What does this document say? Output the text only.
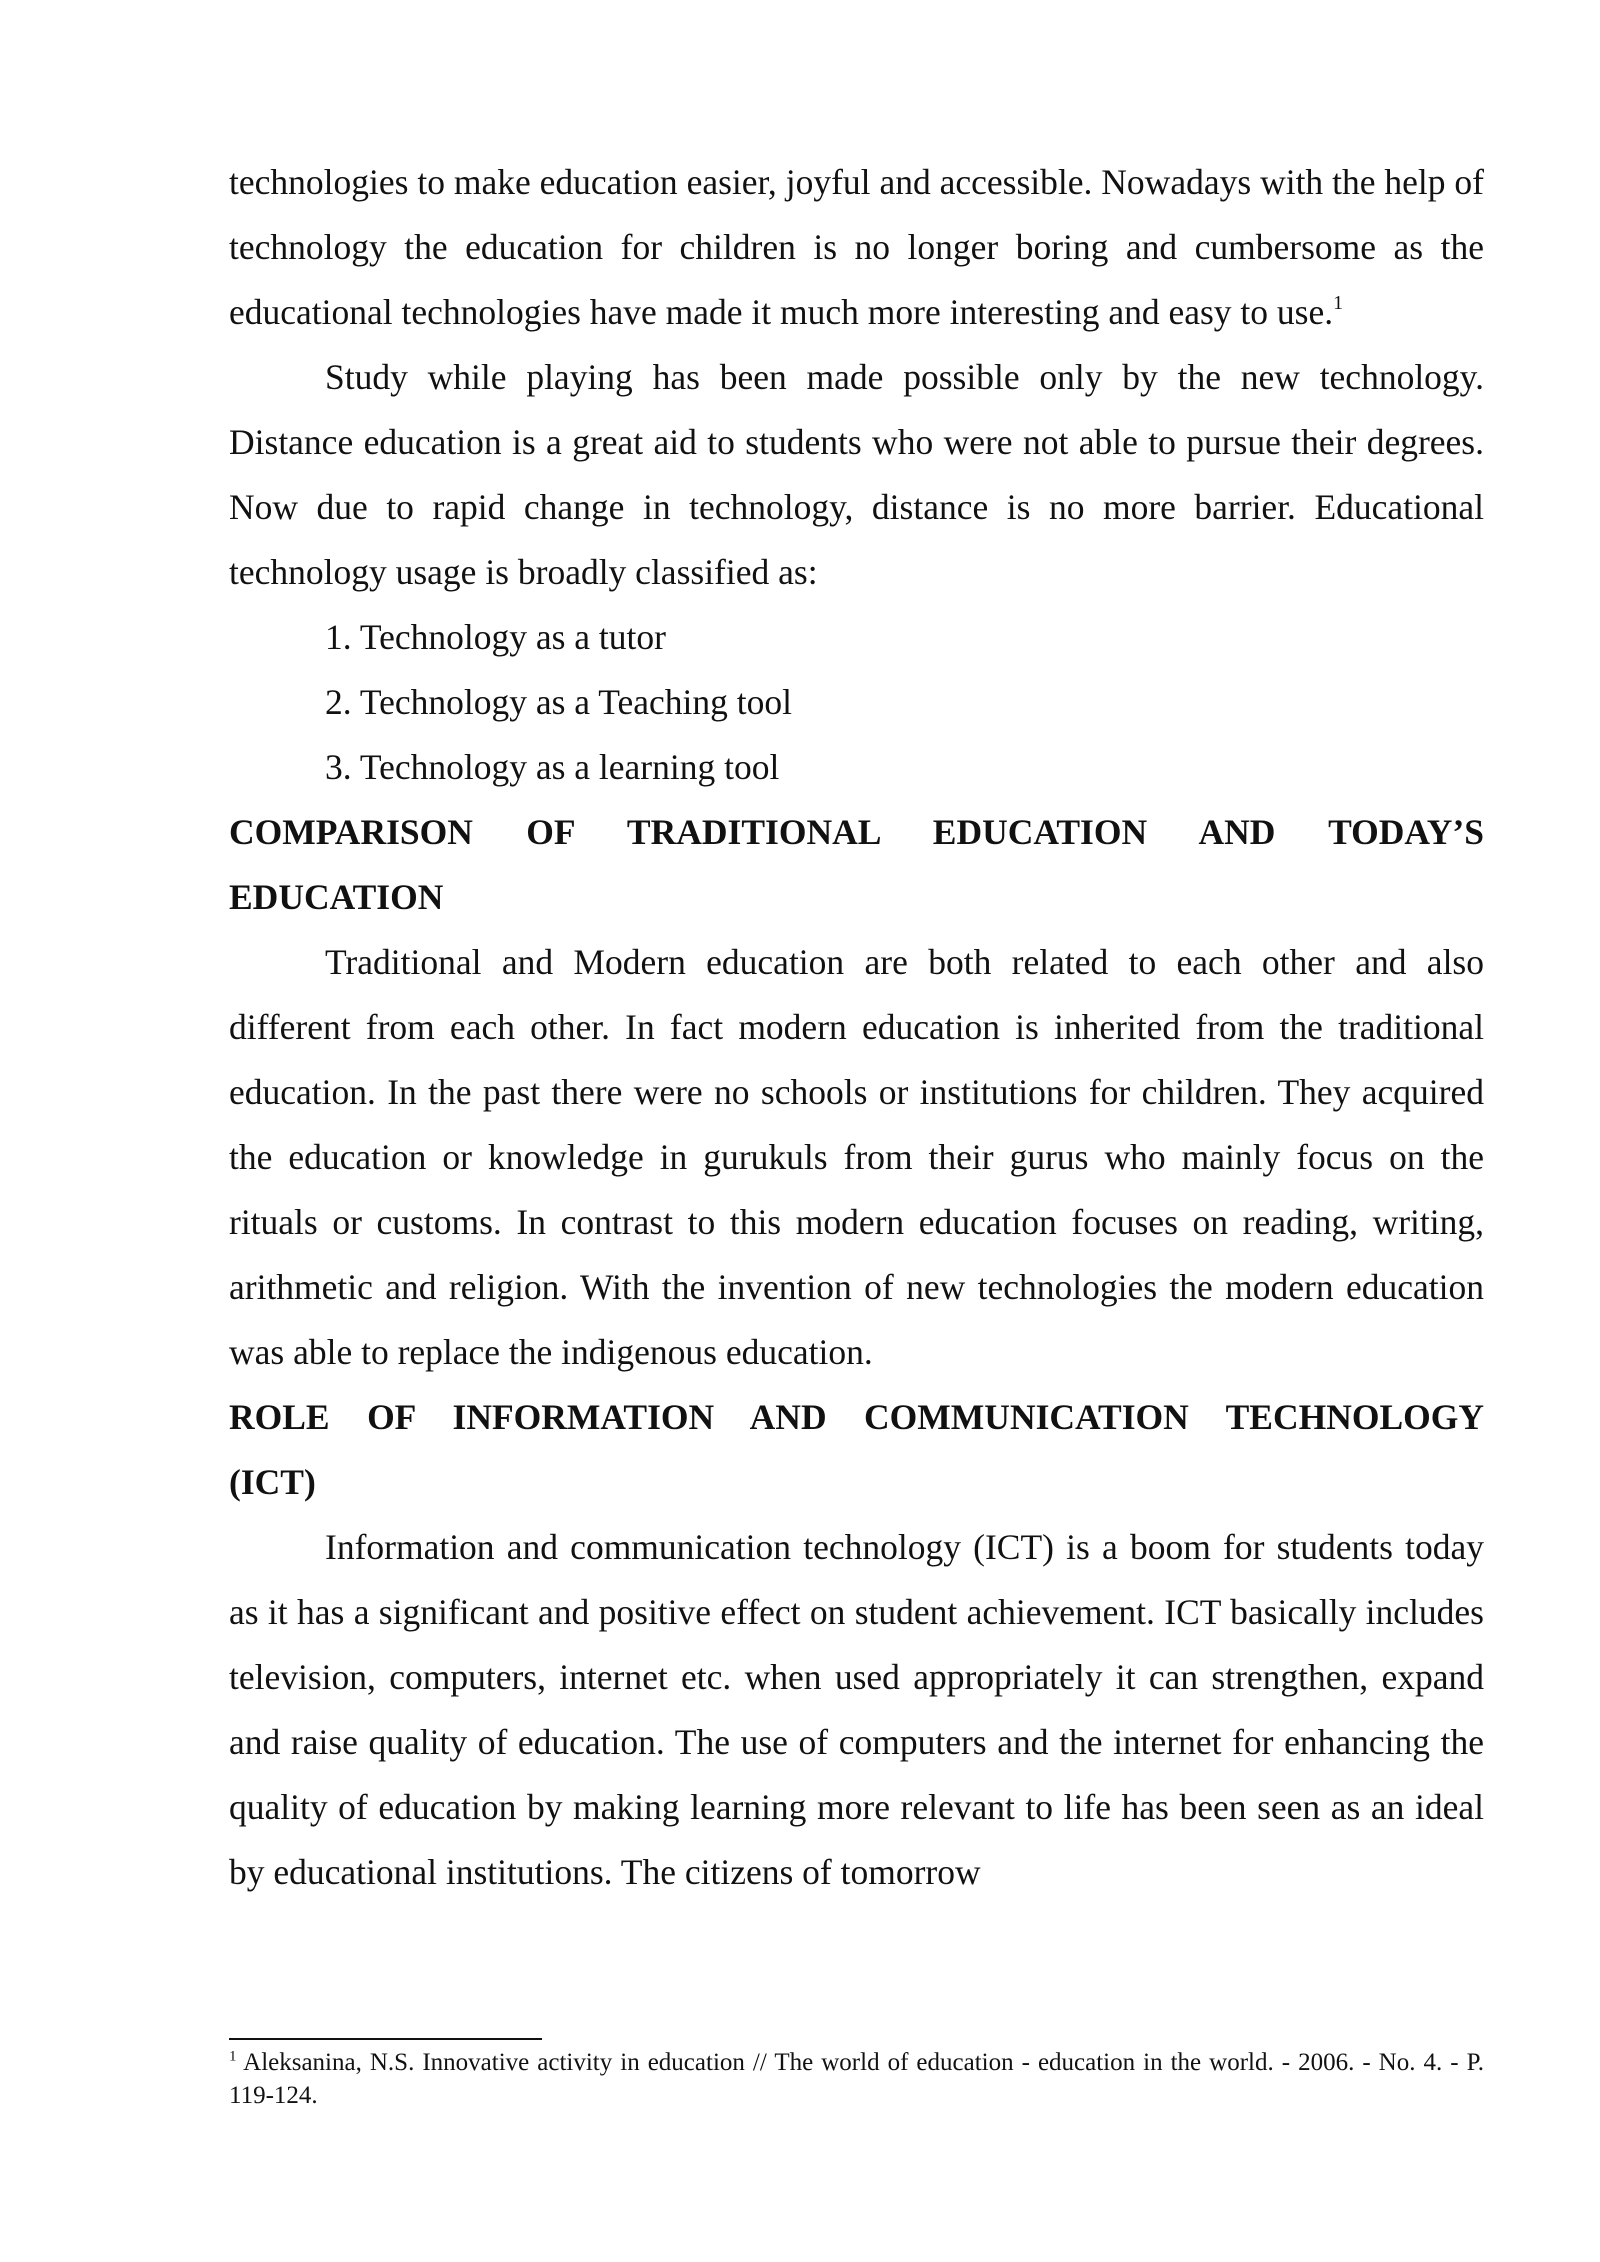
technologies to make education easier, joyful and accessible. Nowadays with the help of technology the education for children is no longer boring and cumbersome as the educational technologies have made it much more interesting and easy to use.$^1$

Study while playing has been made possible only by the new technology. Distance education is a great aid to students who were not able to pursue their degrees. Now due to rapid change in technology, distance is no more barrier. Educational technology usage is broadly classified as:

1. Technology as a tutor

2. Technology as a Teaching tool

3. Technology as a learning tool

COMPARISON OF TRADITIONAL EDUCATION AND TODAY’S
EDUCATION

Traditional and Modern education are both related to each other and also different from each other. In fact modern education is inherited from the traditional education. In the past there were no schools or institutions for children. They acquired the education or knowledge in gurukuls from their gurus who mainly focus on the rituals or customs. In contrast to this modern education focuses on reading, writing, arithmetic and religion. With the invention of new technologies the modern education was able to replace the indigenous education.

ROLE OF INFORMATION AND COMMUNICATION TECHNOLOGY
(ICT)

Information and communication technology (ICT) is a boom for students today as it has a significant and positive effect on student achievement. ICT basically includes television, computers, internet etc. when used appropriately it can strengthen, expand and raise quality of education. The use of computers and the internet for enhancing the quality of education by making learning more relevant to life has been seen as an ideal by educational institutions. The citizens of tomorrow

$^1$ Aleksanina, N.S. Innovative activity in education // The world of education - education in the world. - 2006. - No. 4. - P. 119-124.
